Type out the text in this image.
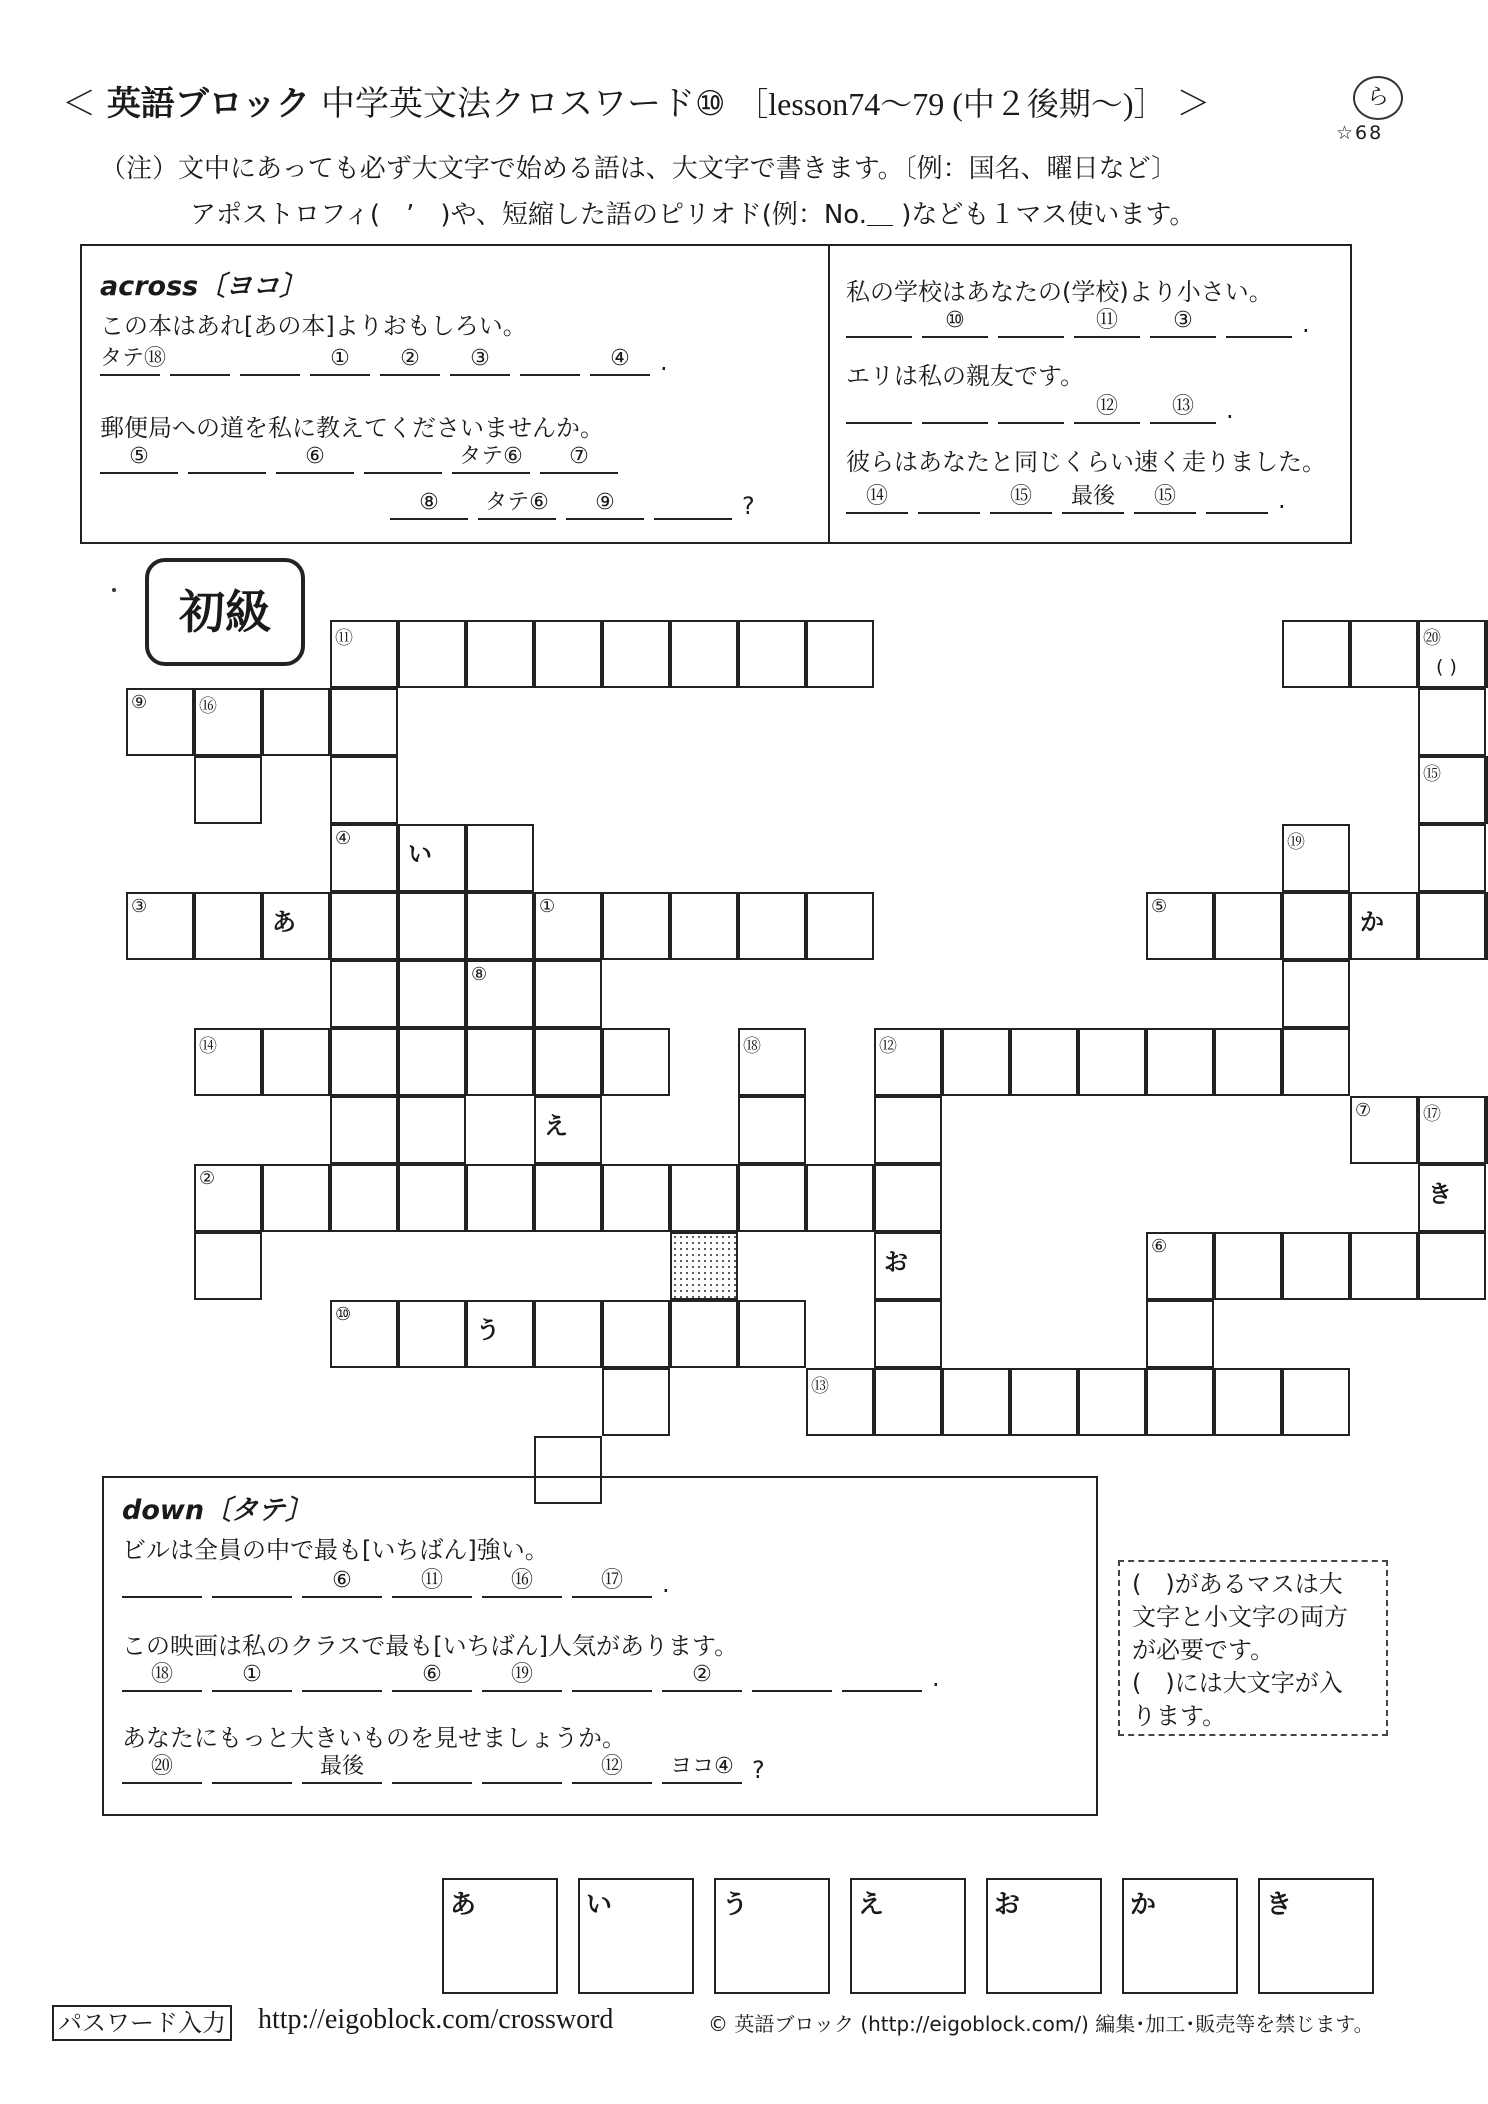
＜ 英語ブロック 中学英文法クロスワード⑩ ［lesson74～79 (中２後期～)］ ＞	ら
☆68
（注）文中にあっても必ず大文字で始める語は、大文字で書きます。〔例：国名、曜日など〕
アポストロフィ(　’　)や、短縮した語のピリオド(例：No.＿ )なども１マス使います。
across〔ヨコ〕
この本はあれ[あの本]よりおもしろい。
タテ⑱	① ② ③	④ .
郵便局への道を私に教えてくださいませんか。
⑤	⑥	タテ⑥ ⑦
⑧ タテ⑥ ⑨	?
私の学校はあなたの(学校)より小さい。
⑩	⑪	③	.
エリは私の親友です。
⑫ ⑬ .
彼らはあなたと同じくらい速く走りました。
⑭	⑮ 最後 ⑮	.
初級	⑪	⑳
( )
⑨	⑯
⑮
④
い	⑲
③
あ
①	⑤
か
⑧
⑭	⑱	⑫
え
⑦	⑰
②
き
お
⑥
⑩
う
⑬
down〔タテ〕
ビルは全員の中で最も[いちばん]強い。
⑥	⑪	⑯	⑰ .
この映画は私のクラスで最も[いちばん]人気があります。
⑱	①	⑥	⑲	②	.
あなたにもっと大きいものを見せましょうか。
⑳	最後	⑫ ヨコ④ ?
(　)があるマスは大
文字と小文字の両方
が必要です。
(　)には大文字が入
ります。
あ	い	う	え	お	か	き
パスワード入力 http://eigoblock.com/crossword	© 英語ブロック (http://eigoblock.com/) 編集･加工･販売等を禁じます。
